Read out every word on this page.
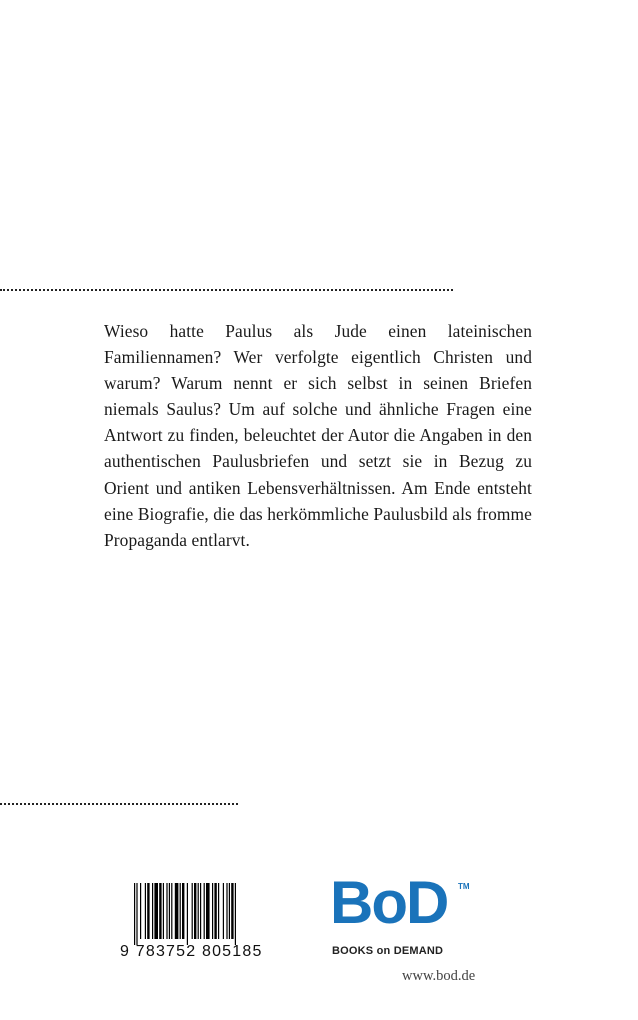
Wieso hatte Paulus als Jude einen lateinischen Familiennamen? Wer verfolgte eigentlich Christen und warum? Warum nennt er sich selbst in seinen Briefen niemals Saulus? Um auf solche und ähnliche Fragen eine Antwort zu finden, beleuchtet der Autor die Angaben in den authentischen Paulusbriefen und setzt sie in Bezug zu Orient und antiken Lebensverhältnissen. Am Ende entsteht eine Biografie, die das herkömmliche Paulusbild als fromme Propaganda entlarvt.

9 783752 805185
BoD TM
BOOKS on DEMAND
www.bod.de
